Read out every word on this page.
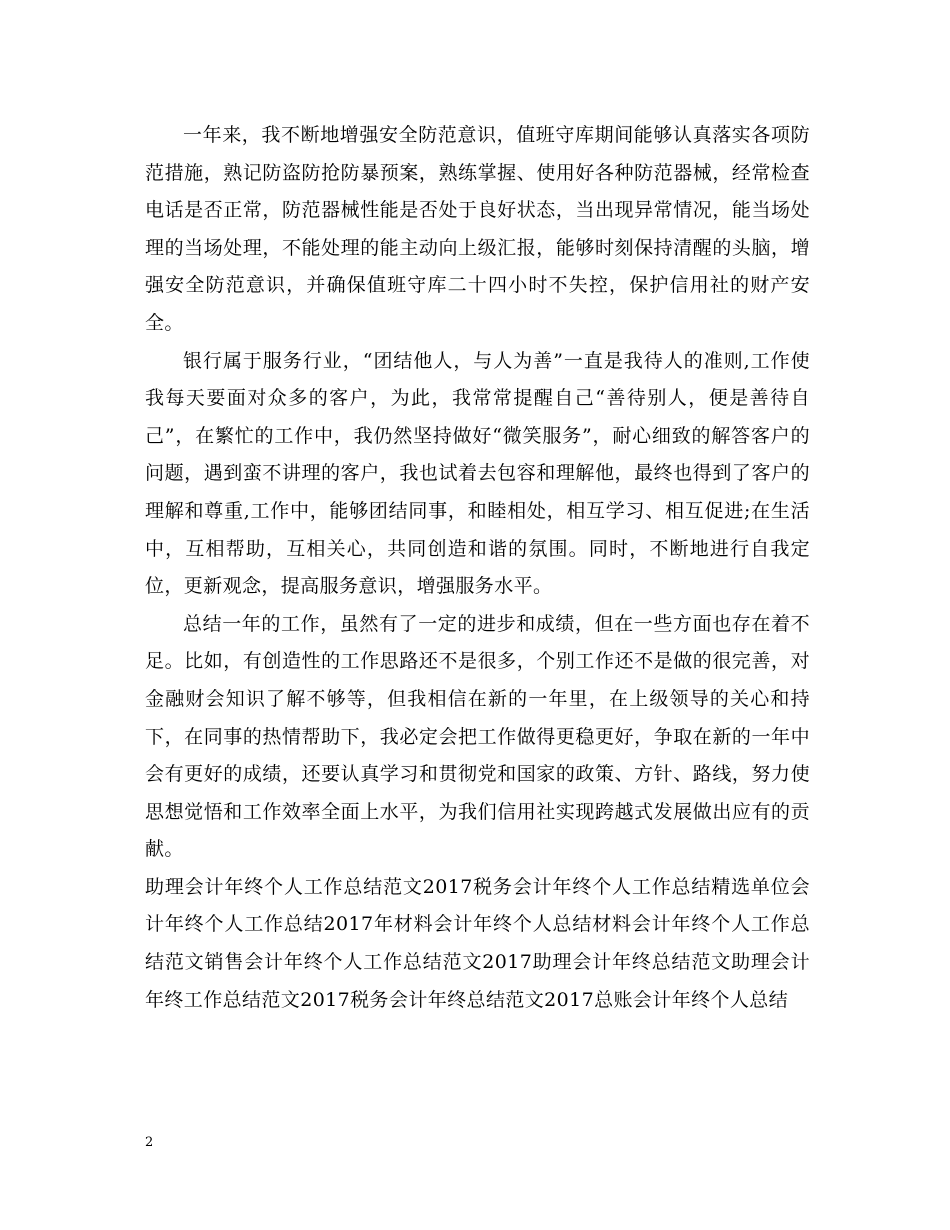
一年来，我不断地增强安全防范意识，值班守库期间能够认真落实各项防范措施，熟记防盗防抢防暴预案，熟练掌握、使用好各种防范器械，经常检查电话是否正常，防范器械性能是否处于良好状态，当出现异常情况，能当场处理的当场处理，不能处理的能主动向上级汇报，能够时刻保持清醒的头脑，增强安全防范意识，并确保值班守库二十四小时不失控，保护信用社的财产安全。

银行属于服务行业，“团结他人，与人为善”一直是我待人的准则,工作使我每天要面对众多的客户，为此，我常常提醒自己“善待别人，便是善待自己”，在繁忙的工作中，我仍然坚持做好“微笑服务”，耐心细致的解答客户的问题，遇到蛮不讲理的客户，我也试着去包容和理解他，最终也得到了客户的理解和尊重,工作中，能够团结同事，和睦相处，相互学习、相互促进;在生活中，互相帮助，互相关心，共同创造和谐的氛围。同时，不断地进行自我定位，更新观念，提高服务意识，增强服务水平。

总结一年的工作，虽然有了一定的进步和成绩，但在一些方面也存在着不足。比如，有创造性的工作思路还不是很多，个别工作还不是做的很完善，对金融财会知识了解不够等，但我相信在新的一年里，在上级领导的关心和持下，在同事的热情帮助下，我必定会把工作做得更稳更好，争取在新的一年中会有更好的成绩，还要认真学习和贯彻党和国家的政策、方针、路线，努力使思想觉悟和工作效率全面上水平，为我们信用社实现跨越式发展做出应有的贡献。

助理会计年终个人工作总结范文2017税务会计年终个人工作总结精选单位会计年终个人工作总结2017年材料会计年终个人总结材料会计年终个人工作总结范文销售会计年终个人工作总结范文2017助理会计年终总结范文助理会计年终工作总结范文2017税务会计年终总结范文2017总账会计年终个人总结

2
